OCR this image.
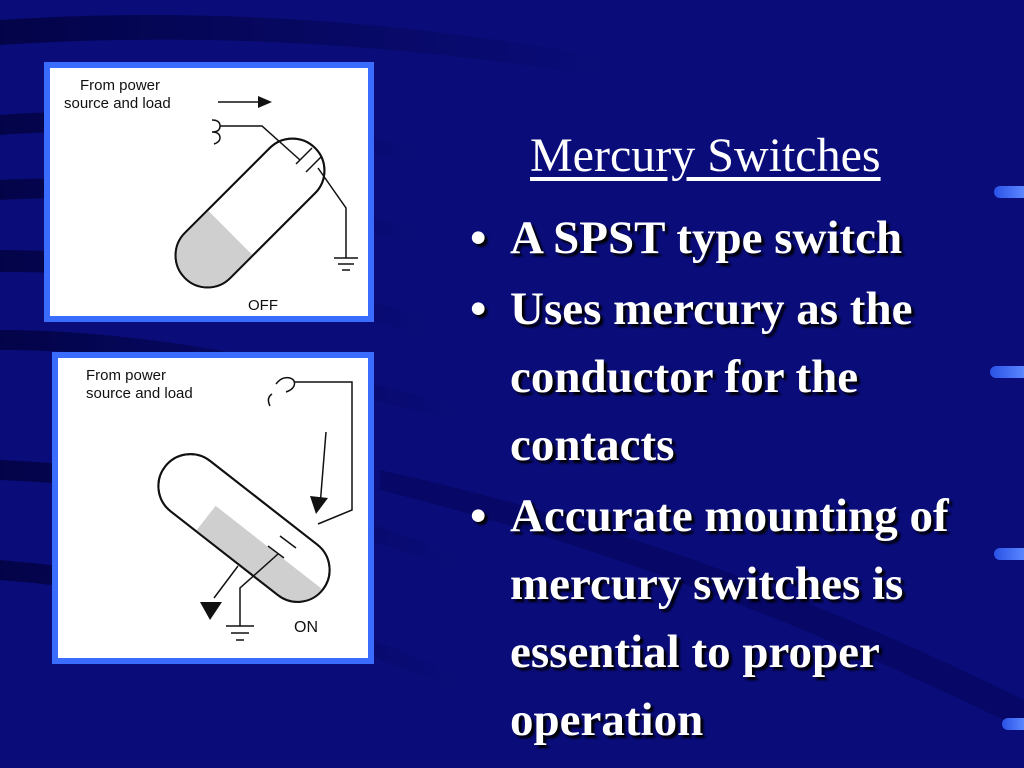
From power
source and load
OFF
From power
source and load
ON
Mercury Switches
• A SPST type switch
• Uses mercury as the conductor for the contacts
• Accurate mounting of mercury switches is essential to proper operation
